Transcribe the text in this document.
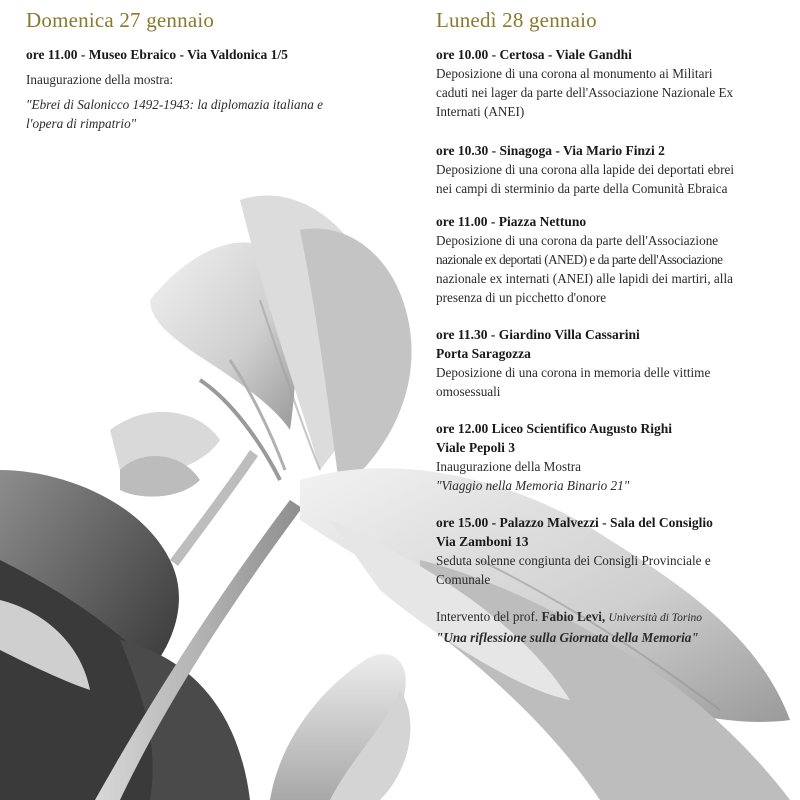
Domenica 27 gennaio
ore 11.00 - Museo Ebraico - Via Valdonica 1/5
Inaugurazione della mostra:
"Ebrei di Salonicco 1492-1943: la diplomazia italiana e
l'opera di rimpatrio"
Lunedì 28 gennaio
ore 10.00 - Certosa - Viale Gandhi
Deposizione di una corona al monumento ai Militari
caduti nei lager da parte dell'Associazione Nazionale Ex
Internati (ANEI)
ore 10.30 - Sinagoga - Via Mario Finzi 2
Deposizione di una corona alla lapide dei deportati ebrei
nei campi di sterminio da parte della Comunità Ebraica
ore 11.00 - Piazza Nettuno
Deposizione di una corona da parte dell'Associazione
nazionale ex deportati (ANED) e da parte dell'Associazione
nazionale ex internati (ANEI) alle lapidi dei martiri, alla
presenza di un picchetto d'onore
ore 11.30 - Giardino Villa Cassarini
Porta Saragozza
Deposizione di una corona in memoria delle vittime
omosessuali
ore 12.00 Liceo Scientifico Augusto Righi
Viale Pepoli 3
Inaugurazione della Mostra
"Viaggio nella Memoria Binario 21"
ore 15.00 - Palazzo Malvezzi - Sala del Consiglio
Via Zamboni 13
Seduta solenne congiunta dei Consigli Provinciale e
Comunale
Intervento del prof. Fabio Levi, Università di Torino
"Una riflessione sulla Giornata della Memoria"
